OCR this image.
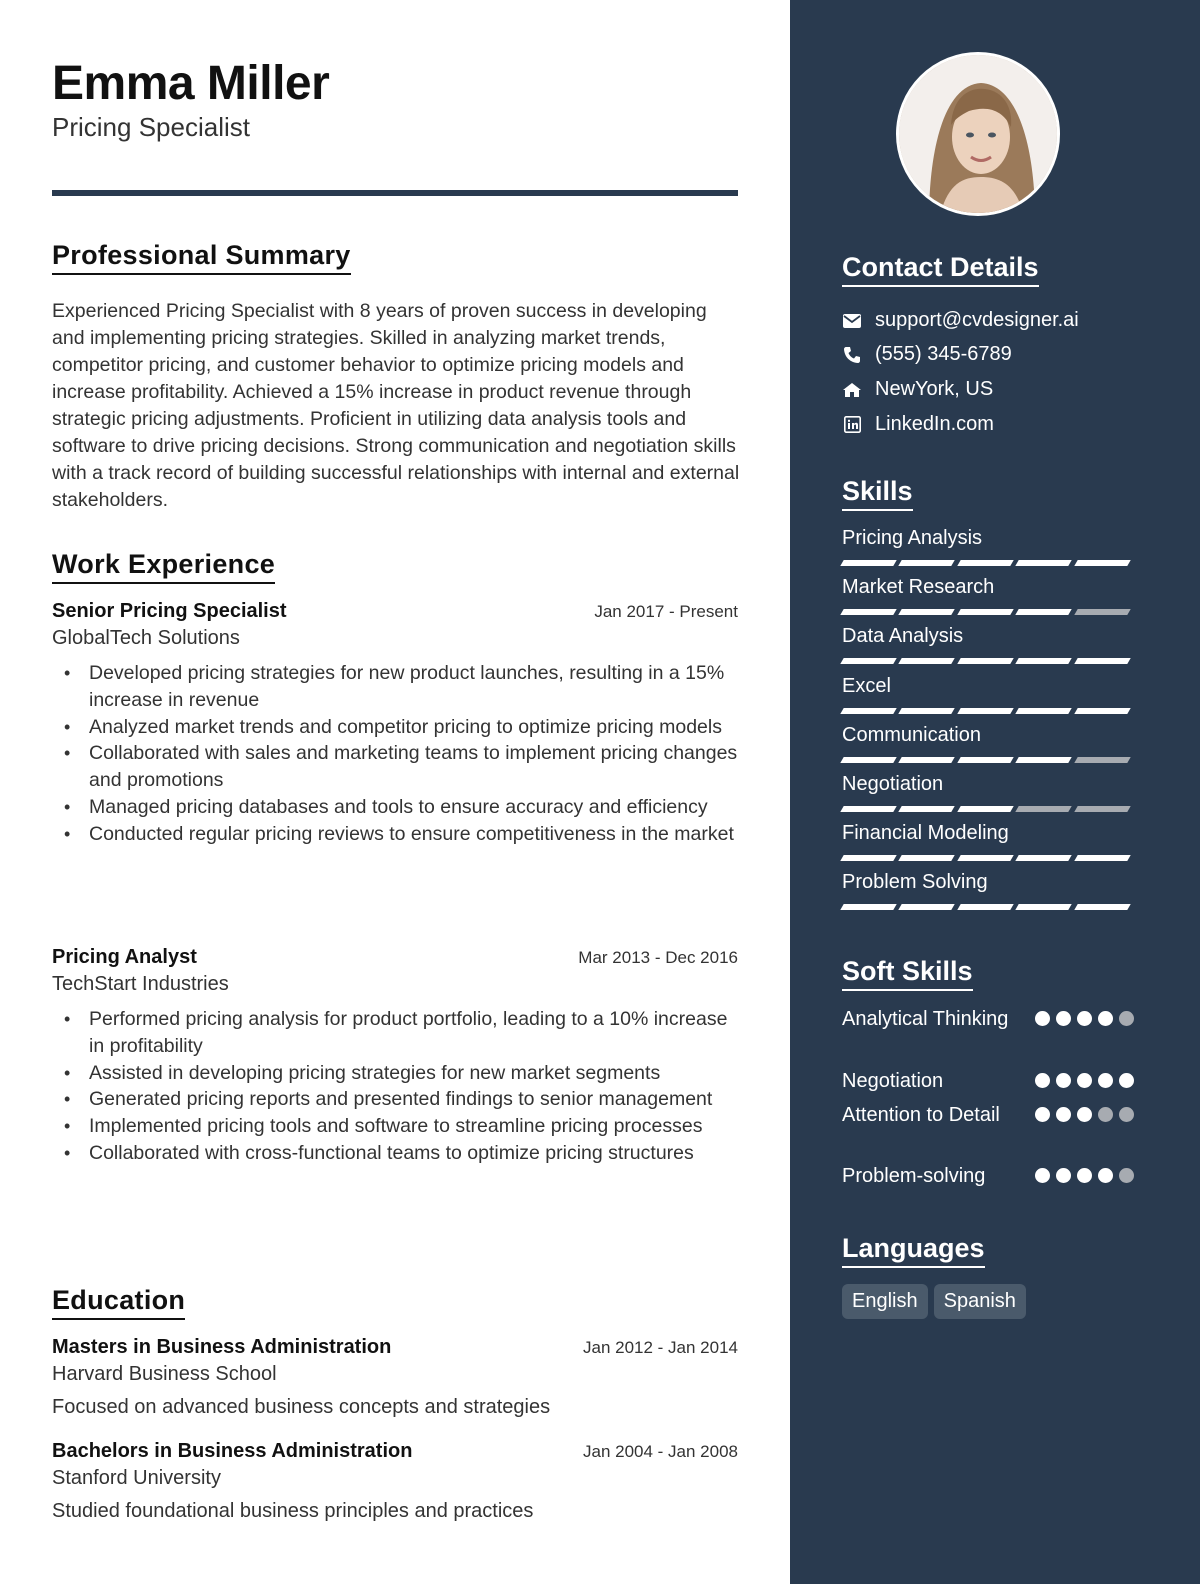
Emma Miller
Pricing Specialist
Professional Summary
Experienced Pricing Specialist with 8 years of proven success in developing and implementing pricing strategies. Skilled in analyzing market trends, competitor pricing, and customer behavior to optimize pricing models and increase profitability. Achieved a 15% increase in product revenue through strategic pricing adjustments. Proficient in utilizing data analysis tools and software to drive pricing decisions. Strong communication and negotiation skills with a track record of building successful relationships with internal and external stakeholders.
Work Experience
Senior Pricing Specialist	Jan 2017 - Present
GlobalTech Solutions
• Developed pricing strategies for new product launches, resulting in a 15% increase in revenue
• Analyzed market trends and competitor pricing to optimize pricing models
• Collaborated with sales and marketing teams to implement pricing changes and promotions
• Managed pricing databases and tools to ensure accuracy and efficiency
• Conducted regular pricing reviews to ensure competitiveness in the market
Pricing Analyst	Mar 2013 - Dec 2016
TechStart Industries
• Performed pricing analysis for product portfolio, leading to a 10% increase in profitability
• Assisted in developing pricing strategies for new market segments
• Generated pricing reports and presented findings to senior management
• Implemented pricing tools and software to streamline pricing processes
• Collaborated with cross-functional teams to optimize pricing structures
Education
Masters in Business Administration	Jan 2012 - Jan 2014
Harvard Business School
Focused on advanced business concepts and strategies
Bachelors in Business Administration	Jan 2004 - Jan 2008
Stanford University
Studied foundational business principles and practices
Contact Details
support@cvdesigner.ai
(555) 345-6789
NewYork, US
LinkedIn.com
Skills
Pricing Analysis
Market Research
Data Analysis
Excel
Communication
Negotiation
Financial Modeling
Problem Solving
Soft Skills
Analytical Thinking
Negotiation
Attention to Detail
Problem-solving
Languages
English	Spanish
